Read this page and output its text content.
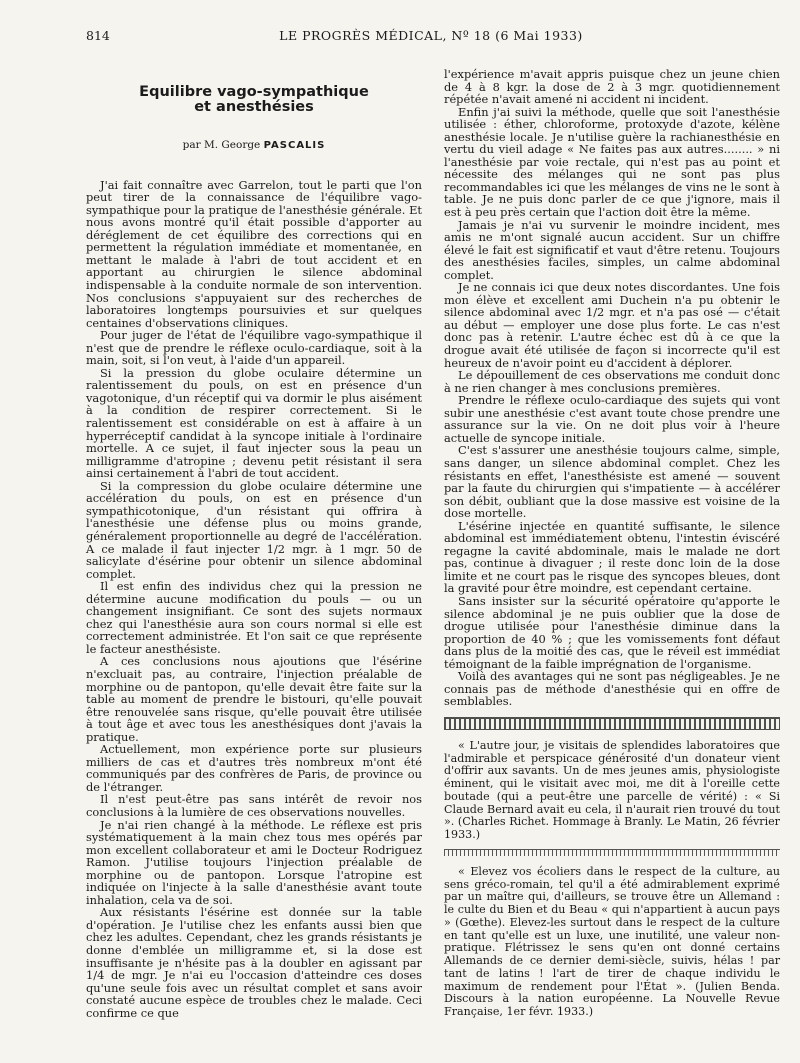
814	LE PROGRÈS MÉDICAL, Nº 18 (6 Mai 1933)
Equilibre vago-sympathique
et anesthésies
par M. George PASCALIS

J'ai fait connaître avec Garrelon, tout le parti que l'on peut tirer de la connaissance de l'équilibre vago-sympathique pour la pratique de l'anesthésie générale. Et nous avons montré qu'il était possible d'apporter au déréglement de cet équilibre des corrections qui en permettent la régulation immédiate et momentanée, en mettant le malade à l'abri de tout accident et en apportant au chirurgien le silence abdominal indispensable à la conduite normale de son intervention. Nos conclusions s'appuyaient sur des recherches de laboratoires longtemps poursuivies et sur quelques centaines d'observations cliniques.

Pour juger de l'état de l'équilibre vago-sympathique il n'est que de prendre le réflexe oculo-cardiaque, soit à la main, soit, si l'on veut, à l'aide d'un appareil.

Si la pression du globe oculaire détermine un ralentissement du pouls, on est en présence d'un vagotonique, d'un réceptif qui va dormir le plus aisément à la condition de respirer correctement. Si le ralentissement est considérable on est à affaire à un hyperréceptif candidat à la syncope initiale à l'ordinaire mortelle. A ce sujet, il faut injecter sous la peau un milligramme d'atropine ; devenu petit résistant il sera ainsi certainement à l'abri de tout accident.

Si la compression du globe oculaire détermine une accélération du pouls, on est en présence d'un sympathicotonique, d'un résistant qui offrira à l'anesthésie une défense plus ou moins grande, généralement proportionnelle au degré de l'accélération. A ce malade il faut injecter 1/2 mgr. à 1 mgr. 50 de salicylate d'ésérine pour obtenir un silence abdominal complet.

Il est enfin des individus chez qui la pression ne détermine aucune modification du pouls — ou un changement insignifiant. Ce sont des sujets normaux chez qui l'anesthésie aura son cours normal si elle est correctement administrée. Et l'on sait ce que représente le facteur anesthésiste.

A ces conclusions nous ajoutions que l'ésérine n'excluait pas, au contraire, l'injection préalable de morphine ou de pantopon, qu'elle devait être faite sur la table au moment de prendre le bistouri, qu'elle pouvait être renouvelée sans risque, qu'elle pouvait être utilisée à tout âge et avec tous les anesthésiques dont j'avais la pratique.

Actuellement, mon expérience porte sur plusieurs milliers de cas et d'autres très nombreux m'ont été communiqués par des confrères de Paris, de province ou de l'étranger.

Il n'est peut-être pas sans intérêt de revoir nos conclusions à la lumière de ces observations nouvelles.

Je n'ai rien changé à la méthode. Le réflexe est pris systématiquement à la main chez tous mes opérés par mon excellent collaborateur et ami le Docteur Rodriguez Ramon. J'utilise toujours l'injection préalable de morphine ou de pantopon. Lorsque l'atropine est indiquée on l'injecte à la salle d'anesthésie avant toute inhalation, cela va de soi.

Aux résistants l'ésérine est donnée sur la table d'opération. Je l'utilise chez les enfants aussi bien que chez les adultes. Cependant, chez les grands résistants je donne d'emblée un milligramme et, si la dose est insuffisante je n'hésite pas à la doubler en agissant par 1/4 de mgr. Je n'ai eu l'occasion d'atteindre ces doses qu'une seule fois avec un résultat complet et sans avoir constaté aucune espèce de troubles chez le malade. Ceci confirme ce que

l'expérience m'avait appris puisque chez un jeune chien de 4 à 8 kgr. la dose de 2 à 3 mgr. quotidiennement répétée n'avait amené ni accident ni incident.

Enfin j'ai suivi la méthode, quelle que soit l'anesthésie utilisée : éther, chloroforme, protoxyde d'azote, kélène anesthésie locale. Je n'utilise guère la rachianesthésie en vertu du vieil adage « Ne faites pas aux autres........ » ni l'anesthésie par voie rectale, qui n'est pas au point et nécessite des mélanges qui ne sont pas plus recommandables ici que les mélanges de vins ne le sont à table. Je ne puis donc parler de ce que j'ignore, mais il est à peu près certain que l'action doit être la même.

Jamais je n'ai vu survenir le moindre incident, mes amis ne m'ont signalé aucun accident. Sur un chiffre élevé le fait est significatif et vaut d'être retenu. Toujours des anesthésies faciles, simples, un calme abdominal complet.

Je ne connais ici que deux notes discordantes. Une fois mon élève et excellent ami Duchein n'a pu obtenir le silence abdominal avec 1/2 mgr. et n'a pas osé — c'était au début — employer une dose plus forte. Le cas n'est donc pas à retenir. L'autre échec est dû à ce que la drogue avait été utilisée de façon si incorrecte qu'il est heureux de n'avoir point eu d'accident à déplorer.

Le dépouillement de ces observations me conduit donc à ne rien changer à mes conclusions premières.

Prendre le réflexe oculo-cardiaque des sujets qui vont subir une anesthésie c'est avant toute chose prendre une assurance sur la vie. On ne doit plus voir à l'heure actuelle de syncope initiale.

C'est s'assurer une anesthésie toujours calme, simple, sans danger, un silence abdominal complet. Chez les résistants en effet, l'anesthésiste est amené — souvent par la faute du chirurgien qui s'impatiente — à accélérer son débit, oubliant que la dose massive est voisine de la dose mortelle.

L'ésérine injectée en quantité suffisante, le silence abdominal est immédiatement obtenu, l'intestin éviscéré regagne la cavité abdominale, mais le malade ne dort pas, continue à divaguer ; il reste donc loin de la dose limite et ne court pas le risque des syncopes bleues, dont la gravité pour être moindre, est cependant certaine.

Sans insister sur la sécurité opératoire qu'apporte le silence abdominal je ne puis oublier que la dose de drogue utilisée pour l'anesthésie diminue dans la proportion de 40 % ; que les vomissements font défaut dans plus de la moitié des cas, que le réveil est immédiat témoignant de la faible imprégnation de l'organisme.

Voilà des avantages qui ne sont pas négligeables. Je ne connais pas de méthode d'anesthésie qui en offre de semblables.

« L'autre jour, je visitais de splendides laboratoires que l'admirable et perspicace générosité d'un donateur vient d'offrir aux savants. Un de mes jeunes amis, physiologiste éminent, qui le visitait avec moi, me dit à l'oreille cette boutade (qui a peut-être une parcelle de vérité) : « Si Claude Bernard avait eu cela, il n'aurait rien trouvé du tout ». (Charles Richet. Hommage à Branly. Le Matin, 26 février 1933.)

« Elevez vos écoliers dans le respect de la culture, au sens gréco-romain, tel qu'il a été admirablement exprimé par un maître qui, d'ailleurs, se trouve être un Allemand : le culte du Bien et du Beau « qui n'appartient à aucun pays » (Gœthe). Elevez-les surtout dans le respect de la culture en tant qu'elle est un luxe, une inutilité, une valeur non-pratique. Flétrissez le sens qu'en ont donné certains Allemands de ce dernier demi-siècle, suivis, hélas ! par tant de latins ! l'art de tirer de chaque individu le maximum de rendement pour l'État ». (Julien Benda. Discours à la nation européenne. La Nouvelle Revue Française, 1er févr. 1933.)
